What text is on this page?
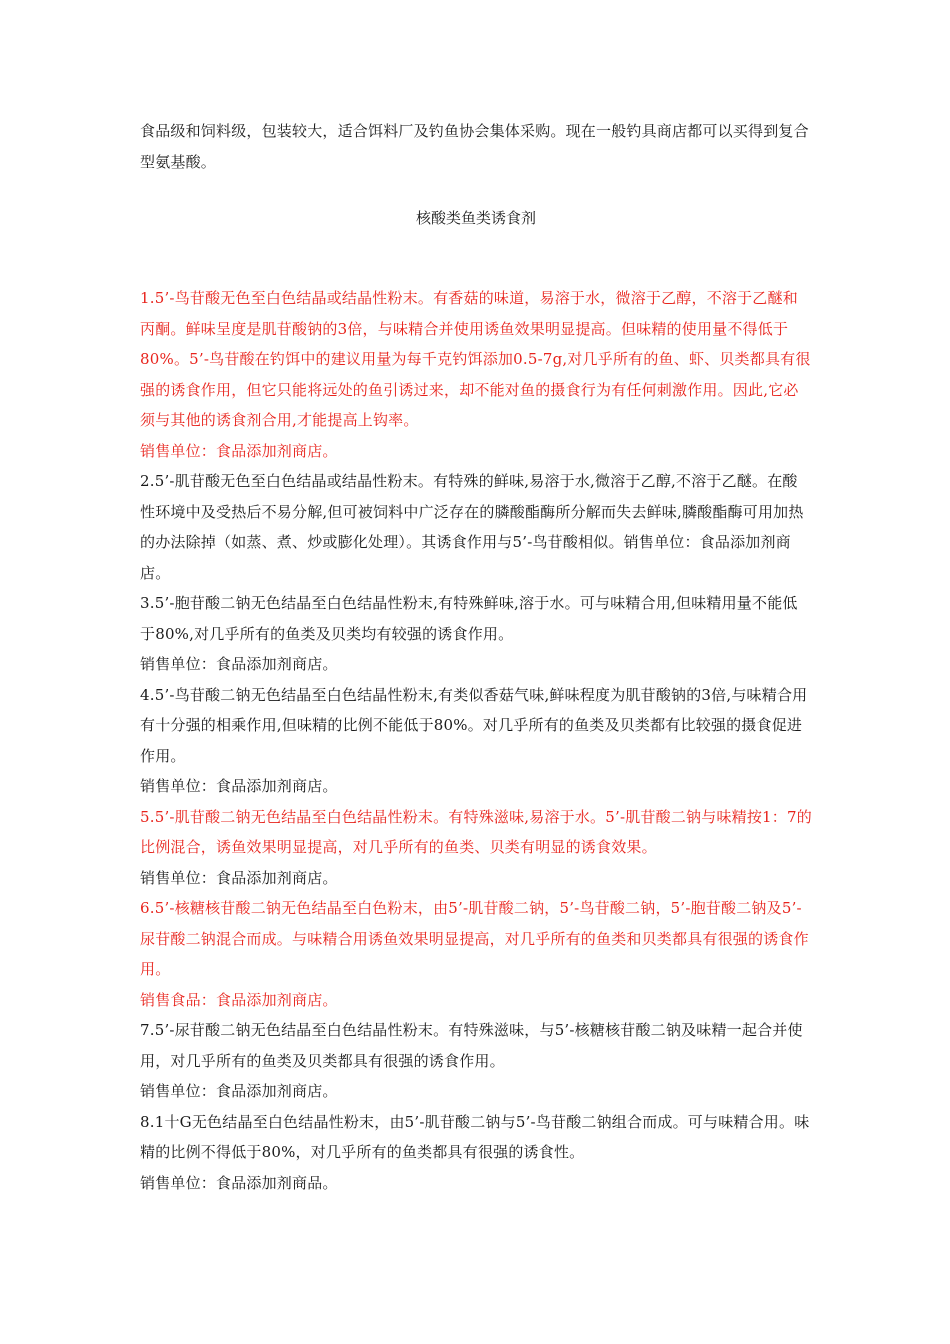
食品级和饲料级，包装较大，适合饵料厂及钓鱼协会集体采购。现在一般钓具商店都可以买得到复合型氨基酸。

核酸类鱼类诱食剂

1.5’-鸟苷酸无色至白色结晶或结晶性粉末。有香菇的味道，易溶于水，微溶于乙醇，不溶于乙醚和丙酮。鲜味呈度是肌苷酸钠的3倍，与味精合并使用诱鱼效果明显提高。但味精的使用量不得低于80%。5’-鸟苷酸在钓饵中的建议用量为每千克钓饵添加0.5-7g,对几乎所有的鱼、虾、贝类都具有很强的诱食作用，但它只能将远处的鱼引诱过来，却不能对鱼的摄食行为有任何刺激作用。因此,它必须与其他的诱食剂合用,才能提高上钩率。

销售单位：食品添加剂商店。

2.5’-肌苷酸无色至白色结晶或结晶性粉末。有特殊的鲜味,易溶于水,微溶于乙醇,不溶于乙醚。在酸性环境中及受热后不易分解,但可被饲料中广泛存在的膦酸酯酶所分解而失去鲜味,膦酸酯酶可用加热的办法除掉（如蒸、煮、炒或膨化处理）。其诱食作用与5’-鸟苷酸相似。销售单位：食品添加剂商店。

3.5’-胞苷酸二钠无色结晶至白色结晶性粉末,有特殊鲜味,溶于水。可与味精合用,但味精用量不能低于80%,对几乎所有的鱼类及贝类均有较强的诱食作用。

销售单位：食品添加剂商店。

4.5’-鸟苷酸二钠无色结晶至白色结晶性粉末,有类似香菇气味,鲜味程度为肌苷酸钠的3倍,与味精合用有十分强的相乘作用,但味精的比例不能低于80%。对几乎所有的鱼类及贝类都有比较强的摄食促进作用。

销售单位：食品添加剂商店。

5.5’-肌苷酸二钠无色结晶至白色结晶性粉末。有特殊滋味,易溶于水。5’-肌苷酸二钠与味精按1：7的比例混合，诱鱼效果明显提高，对几乎所有的鱼类、贝类有明显的诱食效果。

销售单位：食品添加剂商店。

6.5’-核糖核苷酸二钠无色结晶至白色粉末，由5’-肌苷酸二钠，5’-鸟苷酸二钠，5’-胞苷酸二钠及5’-尿苷酸二钠混合而成。与味精合用诱鱼效果明显提高，对几乎所有的鱼类和贝类都具有很强的诱食作用。

销售食品：食品添加剂商店。

7.5’-尿苷酸二钠无色结晶至白色结晶性粉末。有特殊滋味，与5’-核糖核苷酸二钠及味精一起合并使用，对几乎所有的鱼类及贝类都具有很强的诱食作用。

销售单位：食品添加剂商店。

8.1十G无色结晶至白色结晶性粉末，由5’-肌苷酸二钠与5’-鸟苷酸二钠组合而成。可与味精合用。味精的比例不得低于80%，对几乎所有的鱼类都具有很强的诱食性。

销售单位：食品添加剂商品。
